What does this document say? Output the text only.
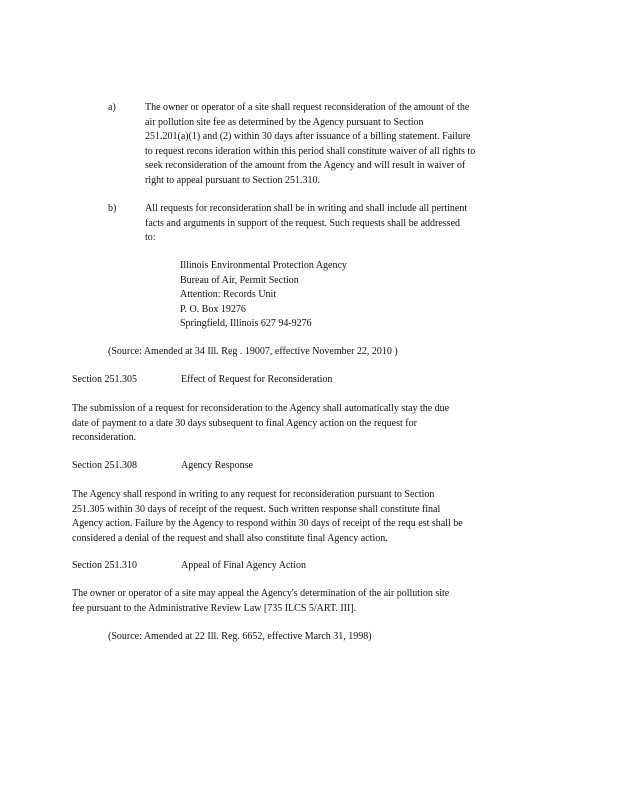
a)	The owner or operator of a site shall request reconsideration of the amount of the
air pollution site fee as determined by the Agency pursuant to Section
251.201(a)(1) and (2) within 30 days after issuance of a billing statement. Failure
to request recons ideration within this period shall constitute waiver of all rights to
seek reconsideration of the amount from the Agency and will result in waiver of
right to appeal pursuant to Section 251.310.
b)	All requests for reconsideration shall be in writing and shall include all pertinent
facts and arguments in support of the request. Such requests shall be addressed
to:
Illinois Environmental Protection Agency
Bureau of Air, Permit Section
Attention: Records Unit
P. O. Box 19276
Springfield, Illinois 627 94-9276
(Source: Amended at 34 Ill. Reg . 19007, effective November 22, 2010 )
Section 251.305	Effect of Request for Reconsideration
The submission of a request for reconsideration to the Agency shall automatically stay the due
date of payment to a date 30 days subsequent to final Agency action on the request for
reconsideration.
Section 251.308	Agency Response
The Agency shall respond in writing to any request for reconsideration pursuant to Section
251.305 within 30 days of receipt of the request. Such written response shall constitute final
Agency action. Failure by the Agency to respond within 30 days of receipt of the requ est shall be
considered a denial of the request and shall also constitute final Agency action.
Section 251.310	Appeal of Final Agency Action
The owner or operator of a site may appeal the Agency's determination of the air pollution site
fee pursuant to the Administrative Review Law [735 ILCS 5/ART. III].
(Source: Amended at 22 Ill. Reg. 6652, effective March 31, 1998)
